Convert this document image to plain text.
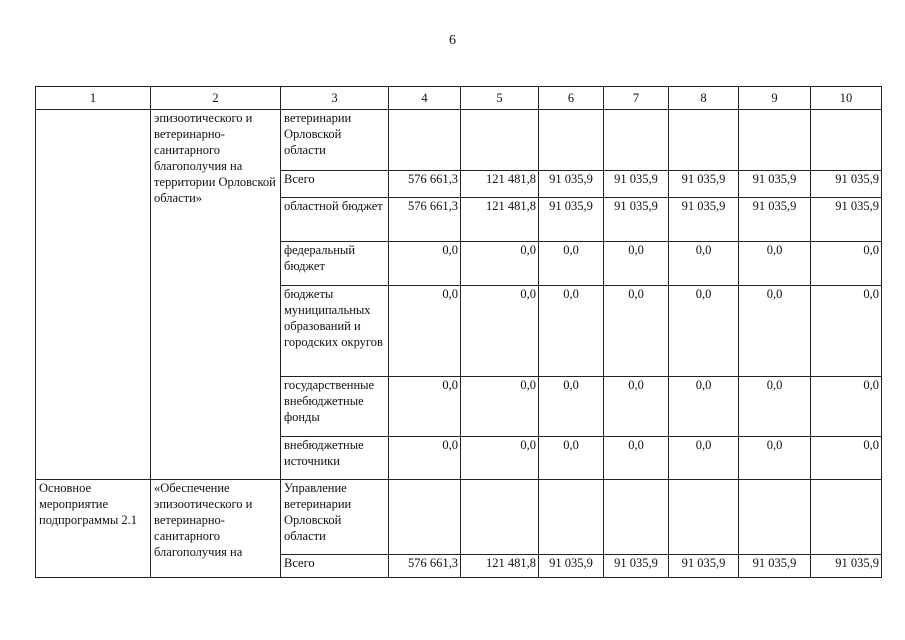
6
1	2	3	4	5	6	7	8	9	10
	эпизоотического и ветеринарно-санитарного благополучия на территории Орловской области»	ветеринарии Орловской области							
		Всего	576 661,3	121 481,8	91 035,9	91 035,9	91 035,9	91 035,9	91 035,9
		областной бюджет	576 661,3	121 481,8	91 035,9	91 035,9	91 035,9	91 035,9	91 035,9
		федеральный бюджет	0,0	0,0	0,0	0,0	0,0	0,0	0,0
		бюджеты муниципальных образований и городских округов	0,0	0,0	0,0	0,0	0,0	0,0	0,0
		государственные внебюджетные фонды	0,0	0,0	0,0	0,0	0,0	0,0	0,0
		внебюджетные источники	0,0	0,0	0,0	0,0	0,0	0,0	0,0
Основное мероприятие подпрограммы 2.1	«Обеспечение эпизоотического и ветеринарно-санитарного благополучия на	Управление ветеринарии Орловской области							
		Всего	576 661,3	121 481,8	91 035,9	91 035,9	91 035,9	91 035,9	91 035,9
